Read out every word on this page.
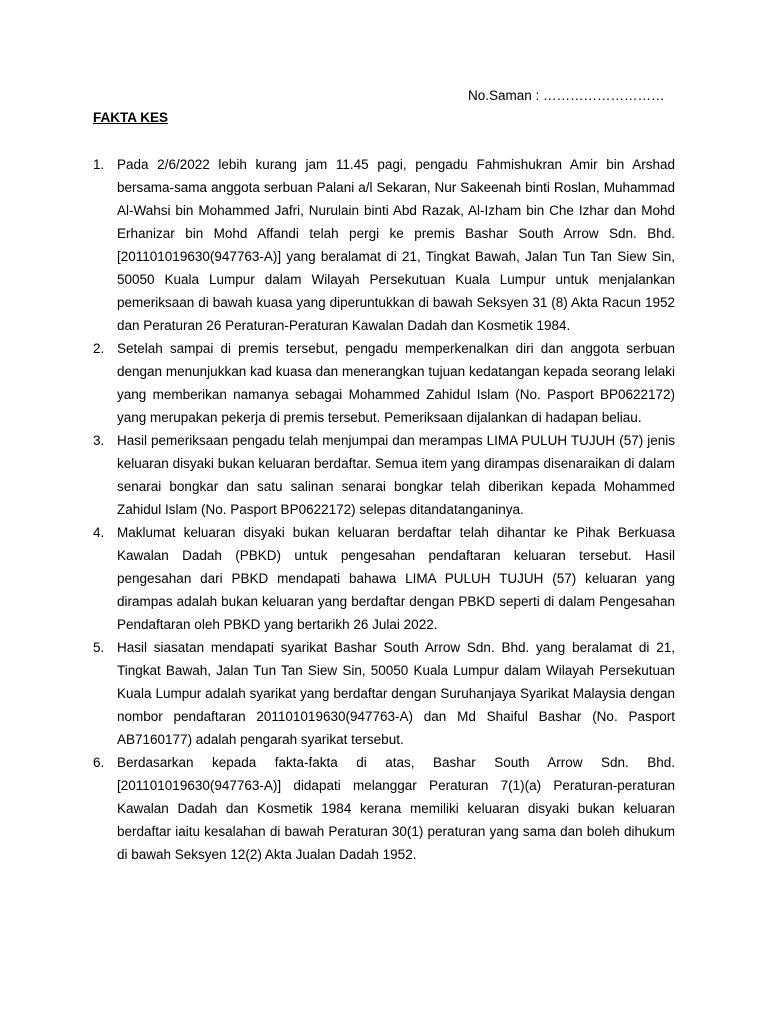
No.Saman : ………………………
FAKTA KES
1. Pada 2/6/2022 lebih kurang jam 11.45 pagi, pengadu Fahmishukran Amir bin Arshad bersama-sama anggota serbuan Palani a/l Sekaran, Nur Sakeenah binti Roslan, Muhammad Al-Wahsi bin Mohammed Jafri, Nurulain binti Abd Razak, Al-Izham bin Che Izhar dan Mohd Erhanizar bin Mohd Affandi telah pergi ke premis Bashar South Arrow Sdn. Bhd. [201101019630(947763-A)] yang beralamat di 21, Tingkat Bawah, Jalan Tun Tan Siew Sin, 50050 Kuala Lumpur dalam Wilayah Persekutuan Kuala Lumpur untuk menjalankan pemeriksaan di bawah kuasa yang diperuntukkan di bawah Seksyen 31 (8) Akta Racun 1952 dan Peraturan 26 Peraturan-Peraturan Kawalan Dadah dan Kosmetik 1984.
2. Setelah sampai di premis tersebut, pengadu memperkenalkan diri dan anggota serbuan dengan menunjukkan kad kuasa dan menerangkan tujuan kedatangan kepada seorang lelaki yang memberikan namanya sebagai Mohammed Zahidul Islam (No. Pasport BP0622172) yang merupakan pekerja di premis tersebut. Pemeriksaan dijalankan di hadapan beliau.
3. Hasil pemeriksaan pengadu telah menjumpai dan merampas LIMA PULUH TUJUH (57) jenis keluaran disyaki bukan keluaran berdaftar. Semua item yang dirampas disenaraikan di dalam senarai bongkar dan satu salinan senarai bongkar telah diberikan kepada Mohammed Zahidul Islam (No. Pasport BP0622172) selepas ditandatanganinya.
4. Maklumat keluaran disyaki bukan keluaran berdaftar telah dihantar ke Pihak Berkuasa Kawalan Dadah (PBKD) untuk pengesahan pendaftaran keluaran tersebut. Hasil pengesahan dari PBKD mendapati bahawa LIMA PULUH TUJUH (57) keluaran yang dirampas adalah bukan keluaran yang berdaftar dengan PBKD seperti di dalam Pengesahan Pendaftaran oleh PBKD yang bertarikh 26 Julai 2022.
5. Hasil siasatan mendapati syarikat Bashar South Arrow Sdn. Bhd. yang beralamat di 21, Tingkat Bawah, Jalan Tun Tan Siew Sin, 50050 Kuala Lumpur dalam Wilayah Persekutuan Kuala Lumpur adalah syarikat yang berdaftar dengan Suruhanjaya Syarikat Malaysia dengan nombor pendaftaran 201101019630(947763-A) dan Md Shaiful Bashar (No. Pasport AB7160177) adalah pengarah syarikat tersebut.
6. Berdasarkan kepada fakta-fakta di atas, Bashar South Arrow Sdn. Bhd. [201101019630(947763-A)] didapati melanggar Peraturan 7(1)(a) Peraturan-peraturan Kawalan Dadah dan Kosmetik 1984 kerana memiliki keluaran disyaki bukan keluaran berdaftar iaitu kesalahan di bawah Peraturan 30(1) peraturan yang sama dan boleh dihukum di bawah Seksyen 12(2) Akta Jualan Dadah 1952.
